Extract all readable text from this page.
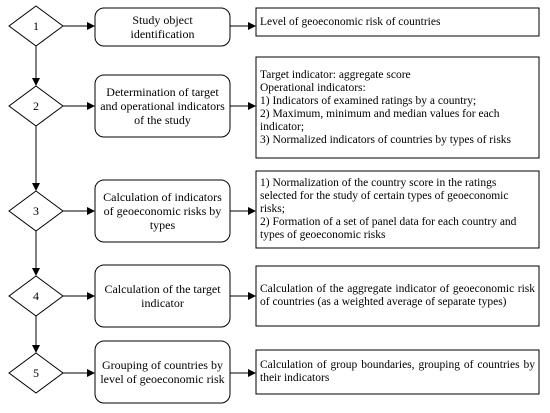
1
2
3
4
5
Study object identification
Determination of target and operational indicators of the study
Calculation of indicators of geoeconomic risks by types
Calculation of the target indicator
Grouping of countries by level of geoeconomic risk
Level of geoeconomic risk of countries
Target indicator: aggregate score
Operational indicators:
1) Indicators of examined ratings by a country;
2) Maximum, minimum and median values for each indicator;
3) Normalized indicators of countries by types of risks
1) Normalization of the country score in the ratings selected for the study of certain types of geoeconomic risks;
2) Formation of a set of panel data for each country and types of geoeconomic risks
Calculation of the aggregate indicator of geoeconomic risk of countries (as a weighted average of separate types)
Calculation of group boundaries, grouping of countries by their indicators
